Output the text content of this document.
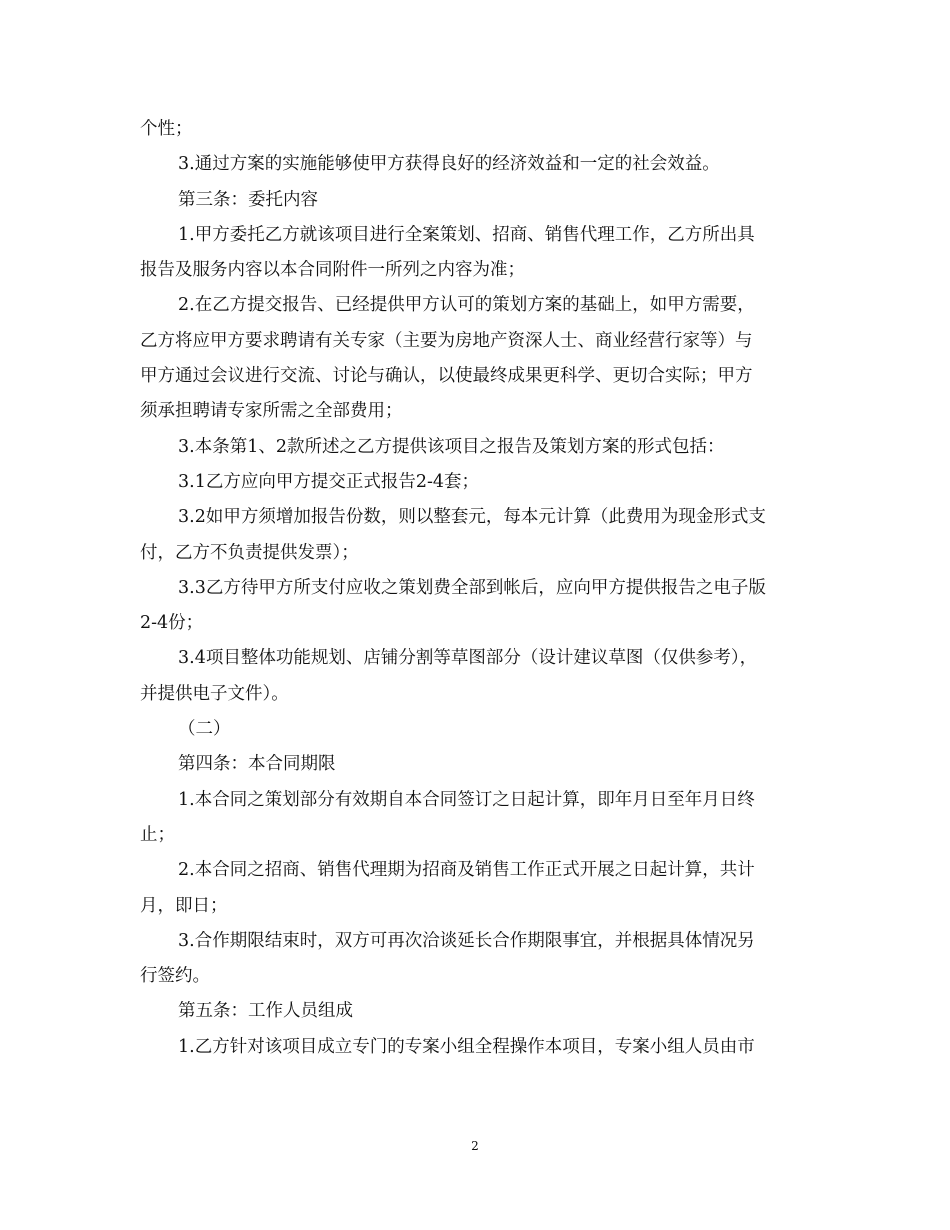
个性；

3.通过方案的实施能够使甲方获得良好的经济效益和一定的社会效益。

第三条：委托内容

1.甲方委托乙方就该项目进行全案策划、招商、销售代理工作，乙方所出具

报告及服务内容以本合同附件一所列之内容为准；

2.在乙方提交报告、已经提供甲方认可的策划方案的基础上，如甲方需要，

乙方将应甲方要求聘请有关专家（主要为房地产资深人士、商业经营行家等）与

甲方通过会议进行交流、讨论与确认，以使最终成果更科学、更切合实际；甲方

须承担聘请专家所需之全部费用；

3.本条第1、2款所述之乙方提供该项目之报告及策划方案的形式包括：

3.1乙方应向甲方提交正式报告2-4套；

3.2如甲方须增加报告份数，则以整套元，每本元计算（此费用为现金形式支

付，乙方不负责提供发票）；

3.3乙方待甲方所支付应收之策划费全部到帐后，应向甲方提供报告之电子版

2-4份；

3.4项目整体功能规划、店铺分割等草图部分（设计建议草图（仅供参考），

并提供电子文件）。

（二）

第四条：本合同期限

1.本合同之策划部分有效期自本合同签订之日起计算，即年月日至年月日终

止；

2.本合同之招商、销售代理期为招商及销售工作正式开展之日起计算，共计

月，即日；

3.合作期限结束时，双方可再次洽谈延长合作期限事宜，并根据具体情况另

行签约。

第五条：工作人员组成

1.乙方针对该项目成立专门的专案小组全程操作本项目，专案小组人员由市

2
